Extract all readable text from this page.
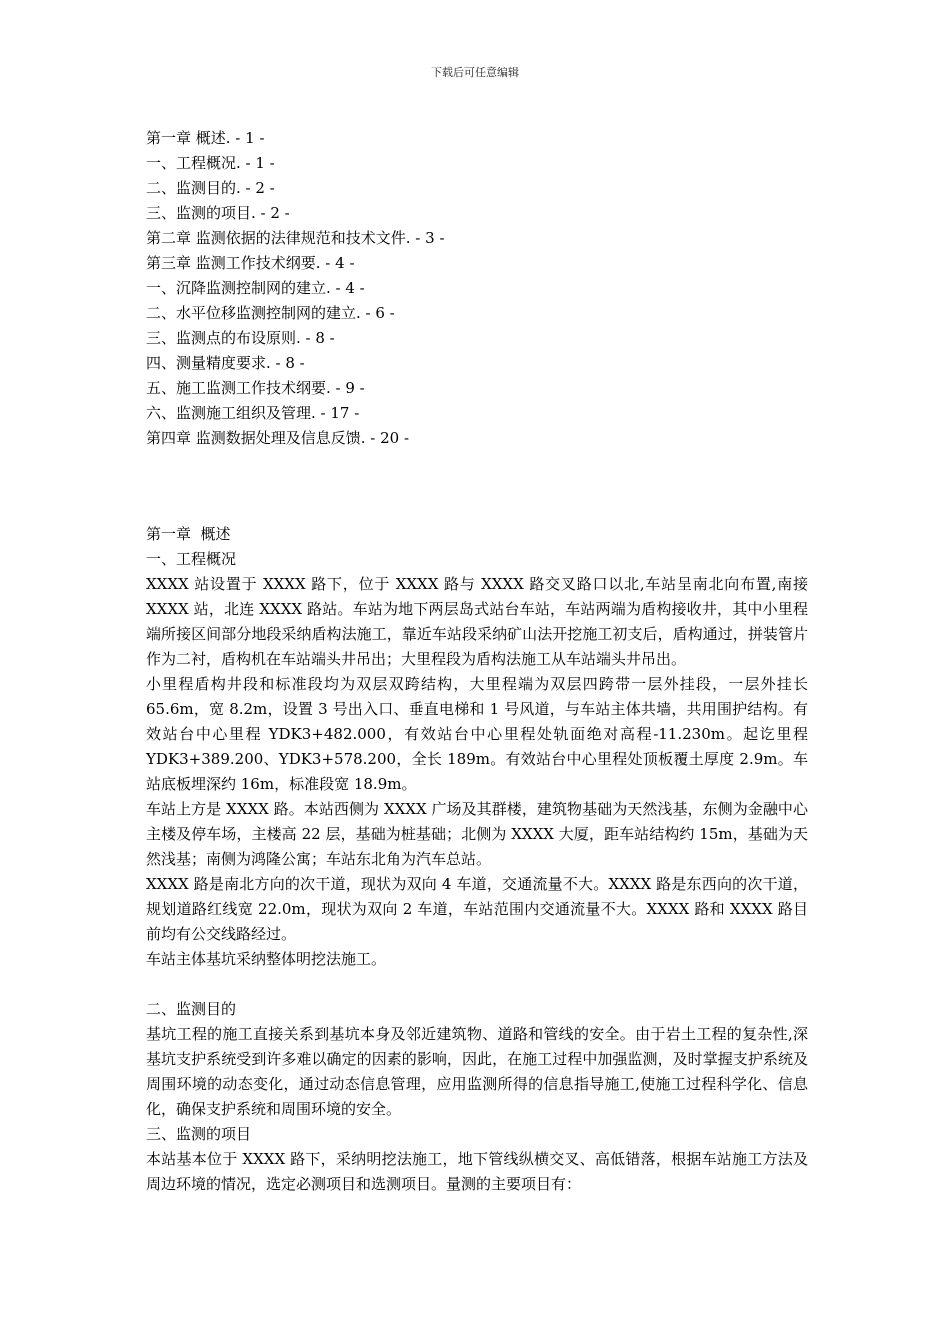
下载后可任意编辑
第一章 概述. - 1 -
一、工程概况. - 1 -
二、监测目的. - 2 -
三、监测的项目. - 2 -
第二章 监测依据的法律规范和技术文件. - 3 -
第三章 监测工作技术纲要. - 4 -
一、沉降监测控制网的建立. - 4 -
二、水平位移监测控制网的建立. - 6 -
三、监测点的布设原则. - 8 -
四、测量精度要求. - 8 -
五、施工监测工作技术纲要. - 9 -
六、监测施工组织及管理. - 17 -
第四章 监测数据处理及信息反馈. - 20 -

第一章  概述

一、工程概况

XXXX 站设置于 XXXX 路下，位于 XXXX 路与 XXXX 路交叉路口以北,车站呈南北向布置,南接 XXXX 站，北连 XXXX 路站。车站为地下两层岛式站台车站，车站两端为盾构接收井，其中小里程端所接区间部分地段采纳盾构法施工，靠近车站段采纳矿山法开挖施工初支后，盾构通过，拼装管片作为二衬，盾构机在车站端头井吊出；大里程段为盾构法施工从车站端头井吊出。

小里程盾构井段和标准段均为双层双跨结构，大里程端为双层四跨带一层外挂段，一层外挂长 65.6m，宽 8.2m，设置 3 号出入口、垂直电梯和 1 号风道，与车站主体共墙，共用围护结构。有效站台中心里程 YDK3+482.000，有效站台中心里程处轨面绝对高程-11.230m。起讫里程 YDK3+389.200、YDK3+578.200，全长 189m。有效站台中心里程处顶板覆土厚度 2.9m。车站底板埋深约 16m，标准段宽 18.9m。

车站上方是 XXXX 路。本站西侧为 XXXX 广场及其群楼，建筑物基础为天然浅基，东侧为金融中心主楼及停车场，主楼高 22 层，基础为桩基础；北侧为 XXXX 大厦，距车站结构约 15m，基础为天然浅基；南侧为鸿隆公寓；车站东北角为汽车总站。

XXXX 路是南北方向的次干道，现状为双向 4 车道，交通流量不大。XXXX 路是东西向的次干道，规划道路红线宽 22.0m，现状为双向 2 车道，车站范围内交通流量不大。XXXX 路和 XXXX 路目前均有公交线路经过。

车站主体基坑采纳整体明挖法施工。

二、监测目的

基坑工程的施工直接关系到基坑本身及邻近建筑物、道路和管线的安全。由于岩土工程的复杂性,深基坑支护系统受到许多难以确定的因素的影响，因此，在施工过程中加强监测，及时掌握支护系统及周围环境的动态变化，通过动态信息管理，应用监测所得的信息指导施工,使施工过程科学化、信息化，确保支护系统和周围环境的安全。

三、监测的项目

本站基本位于 XXXX 路下，采纳明挖法施工，地下管线纵横交叉、高低错落，根据车站施工方法及周边环境的情况，选定必测项目和选测项目。量测的主要项目有：
